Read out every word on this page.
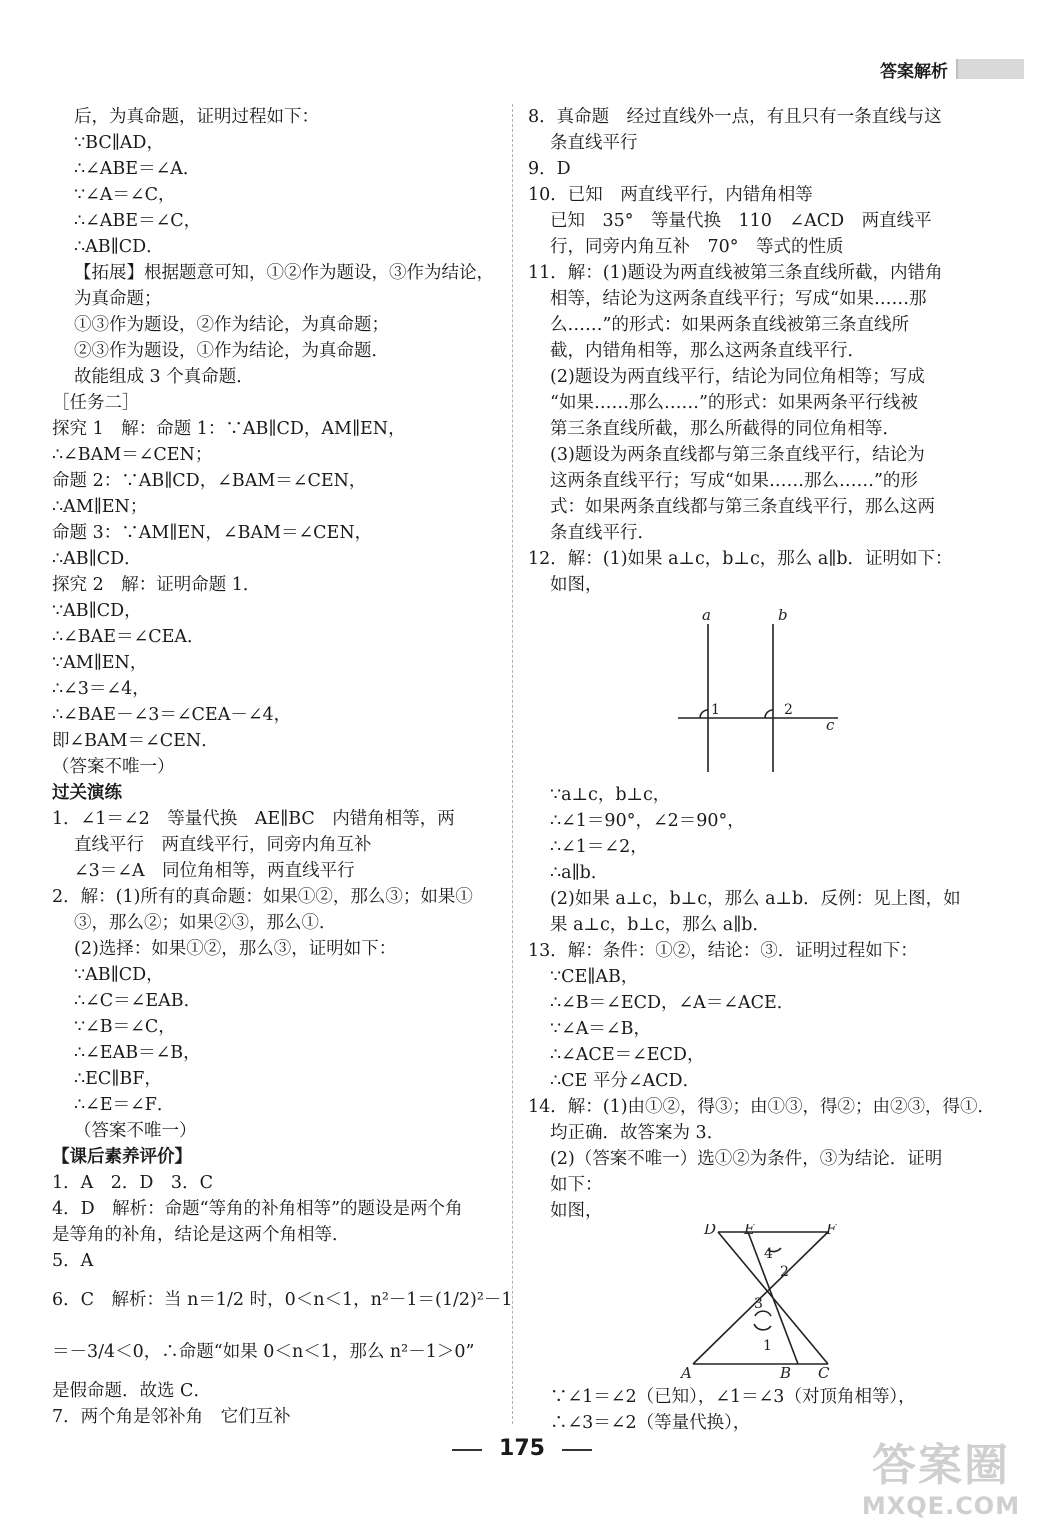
答案解析
后，为真命题，证明过程如下：
∵BC∥AD，
∴∠ABE＝∠A．
∵∠A＝∠C，
∴∠ABE＝∠C，
∴AB∥CD．
【拓展】根据题意可知，①②作为题设，③作为结论，
为真命题；
①③作为题设，②作为结论，为真命题；
②③作为题设，①作为结论，为真命题．
故能组成 3 个真命题．
［任务二］
探究 1　解：命题 1：∵AB∥CD，AM∥EN，
∴∠BAM＝∠CEN；
命题 2：∵AB∥CD，∠BAM＝∠CEN，
∴AM∥EN；
命题 3：∵AM∥EN，∠BAM＝∠CEN，
∴AB∥CD．
探究 2　解：证明命题 1．
∵AB∥CD，
∴∠BAE＝∠CEA．
∵AM∥EN，
∴∠3＝∠4，
∴∠BAE－∠3＝∠CEA－∠4，
即∠BAM＝∠CEN．
（答案不唯一）
过关演练
1．∠1＝∠2　等量代换　AE∥BC　内错角相等，两
直线平行　两直线平行，同旁内角互补
∠3＝∠A　同位角相等，两直线平行
2．解：(1)所有的真命题：如果①②，那么③；如果①
③，那么②；如果②③，那么①．
(2)选择：如果①②，那么③，证明如下：
∵AB∥CD，
∴∠C＝∠EAB．
∵∠B＝∠C，
∴∠EAB＝∠B，
∴EC∥BF，
∴∠E＝∠F．
（答案不唯一）
【课后素养评价】
1．A　2．D　3．C
4．D　解析：命题“等角的补角相等”的题设是两个角
是等角的补角，结论是这两个角相等．
5．A
6．C　解析：当 n＝1/2 时，0＜n＜1，n²－1＝(1/2)²－1
＝－3/4＜0，∴命题“如果 0＜n＜1，那么 n²－1＞0”
是假命题．故选 C．
7．两个角是邻补角　它们互补
8．真命题　经过直线外一点，有且只有一条直线与这
条直线平行
9．D
10．已知　两直线平行，内错角相等
已知　35°　等量代换　110　∠ACD　两直线平
行，同旁内角互补　70°　等式的性质
11．解：(1)题设为两直线被第三条直线所截，内错角
相等，结论为这两条直线平行；写成“如果……那
么……”的形式：如果两条直线被第三条直线所
截，内错角相等，那么这两条直线平行．
(2)题设为两直线平行，结论为同位角相等；写成
“如果……那么……”的形式：如果两条平行线被
第三条直线所截，那么所截得的同位角相等．
(3)题设为两条直线都与第三条直线平行，结论为
这两条直线平行；写成“如果……那么……”的形
式：如果两条直线都与第三条直线平行，那么这两
条直线平行．
12．解：(1)如果 a⊥c，b⊥c，那么 a∥b．证明如下：
如图，
a	b
c
1	2
∵a⊥c，b⊥c，
∴∠1＝90°，∠2＝90°，
∴∠1＝∠2，
∴a∥b．
(2)如果 a⊥c，b⊥c，那么 a⊥b．反例：见上图，如
果 a⊥c，b⊥c，那么 a∥b．
13．解：条件：①②，结论：③．证明过程如下：
∵CE∥AB，
∴∠B＝∠ECD，∠A＝∠ACE．
∵∠A＝∠B，
∴∠ACE＝∠ECD，
∴CE 平分∠ACD．
14．解：(1)由①②，得③；由①③，得②；由②③，得①．
均正确．故答案为 3．
(2)（答案不唯一）选①②为条件，③为结论．证明
如下：
如图，
D E	F
A	B C
1
2
3
4
∵∠1＝∠2（已知），∠1＝∠3（对顶角相等），
∴∠3＝∠2（等量代换），
175	答案圈
MXQE.COM
